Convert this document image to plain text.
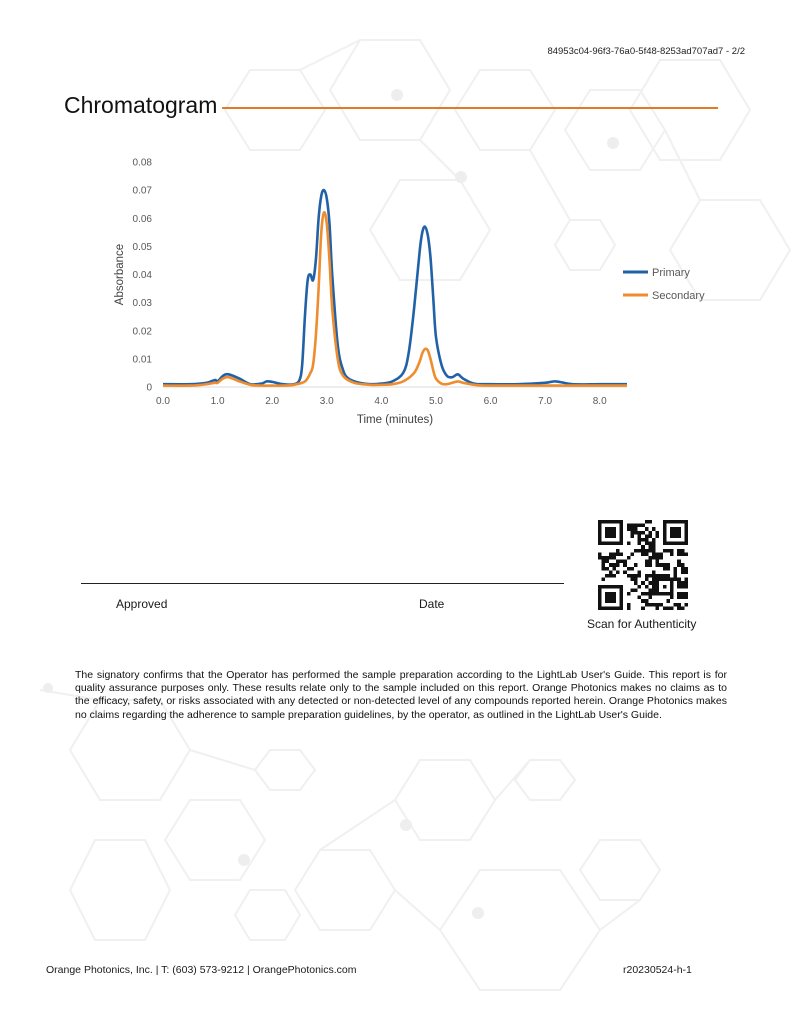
84953c04-96f3-76a0-5f48-8253ad707ad7 - 2/2
Chromatogram
0
0.01
0.02
0.03
0.04
0.05
0.06
0.07
0.08
0.0	1.0	2.0	3.0	4.0	5.0	6.0	7.0	8.0
Time (minutes)
Absorbance	Primary
Secondary
Approved	Date
Scan for Authenticity
The signatory confirms that the Operator has performed the sample preparation according to the LightLab User's Guide. This report is for quality assurance purposes only. These results relate only to the sample included on this report. Orange Photonics makes no claims as to the efficacy, safety, or risks associated with any detected or non-detected level of any compounds reported herein. Orange Photonics makes no claims regarding the adherence to sample preparation guidelines, by the operator, as outlined in the LightLab User's Guide.
Orange Photonics, Inc. | T: (603) 573-9212 | OrangePhotonics.com	r20230524-h-1
